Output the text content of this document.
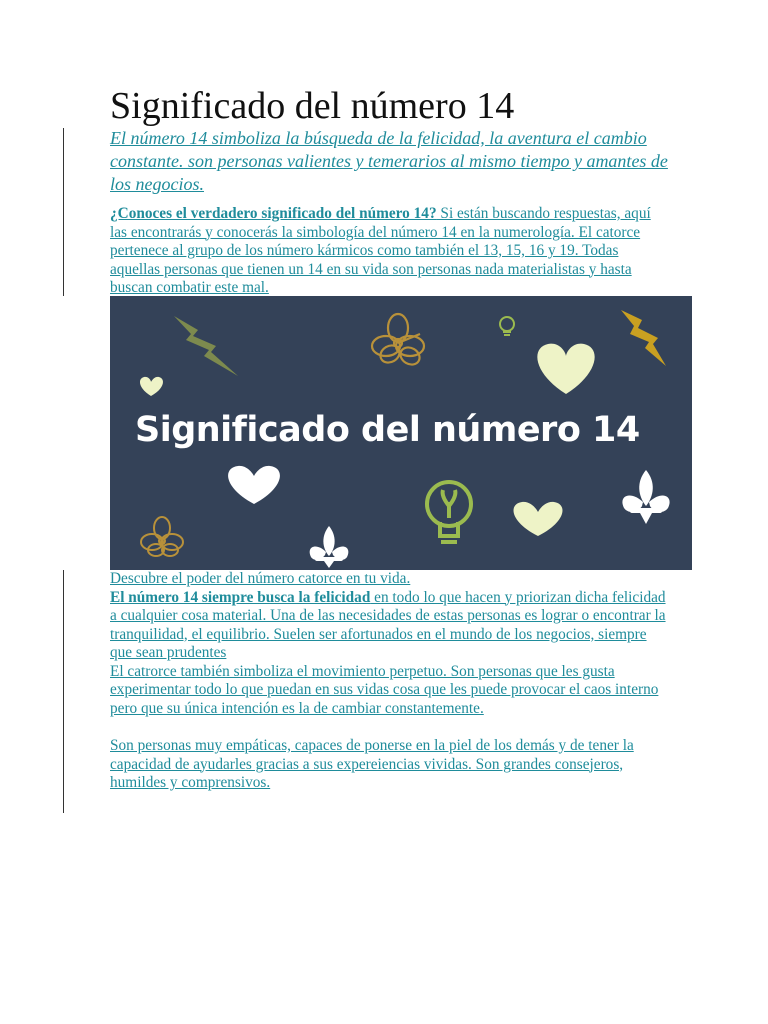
Significado del número 14

El número 14 simboliza la búsqueda de la felicidad, la aventura el cambio constante. son personas valientes y temerarios al mismo tiempo y amantes de los negocios.

¿Conoces el verdadero significado del número 14? Si están buscando respuestas, aquí las encontrarás y conocerás la simbología del número 14 en la numerología. El catorce pertenece al grupo de los número kármicos como también el 13, 15, 16 y 19. Todas aquellas personas que tienen un 14 en su vida son personas nada materialistas y hasta buscan combatir este mal.

Significado del número 14

Descubre el poder del número catorce en tu vida.
El número 14 siempre busca la felicidad en todo lo que hacen y priorizan dicha felicidad a cualquier cosa material. Una de las necesidades de estas personas es lograr o encontrar la tranquilidad, el equilibrio. Suelen ser afortunados en el mundo de los negocios, siempre que sean prudentes
El catrorce también simboliza el movimiento perpetuo. Son personas que les gusta experimentar todo lo que puedan en sus vidas cosa que les puede provocar el caos interno pero que su única intención es la de cambiar constantemente.

Son personas muy empáticas, capaces de ponerse en la piel de los demás y de tener la capacidad de ayudarles gracias a sus expereiencias vividas. Son grandes consejeros, humildes y comprensivos.
